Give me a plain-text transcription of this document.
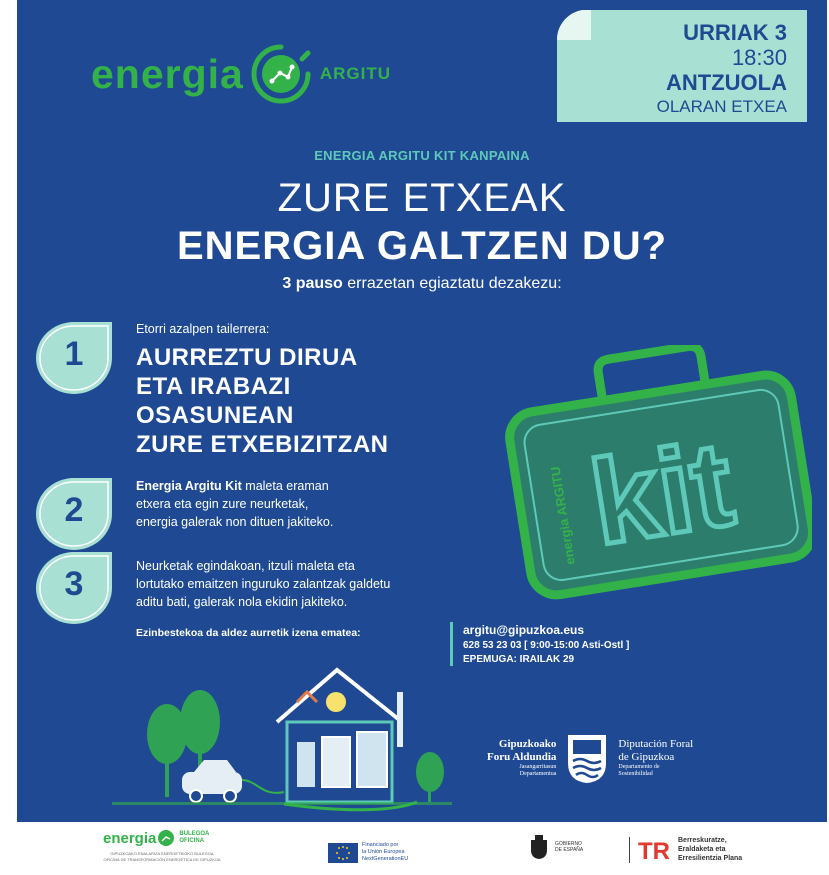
energia	ARGITU
URRIAK 3
18:30
ANTZUOLA
OLARAN ETXEA
ENERGIA ARGITU KIT KANPAINA
ZURE ETXEAK
ENERGIA GALTZEN DU?
3 pauso errazetan egiaztatu dezakezu:
1
Etorri azalpen tailerrera:
AURREZTU DIRUA
ETA IRABAZI
OSASUNEAN
ZURE ETXEBIZITZAN
2
Energia Argitu Kit maleta eraman
etxera eta egin zure neurketak,
energia galerak non dituen jakiteko.
3	Neurketak egindakoan, itzuli maleta eta
lortutako emaitzen inguruko zalantzak galdetu
aditu bati, galerak nola ekidin jakiteko.
energia ARGITU kit
Ezinbestekoa da aldez aurretik izena ematea:	argitu@gipuzkoa.eus
628 53 23 03 [ 9:00-15:00 Asti-Ostl ]
EPEMUGA: IRAILAK 29
Gipuzkoako
Foru Aldundia
Jasangarritasun
Departamentua
Diputación Foral
de Gipuzkoa
Departamento de
Sostenibilidad
energia	BULEGOA
OFICINA
GIPUZKOAKO ENALARIZA ENERGETIKOKO BULEGOA
OFICINA DE TRANSFORMACIÓN ENERGÉTICA DE GIPUZKOA
Financiado por
la Unión Europea
NextGenerationEU
GOBIERNO
DE ESPAÑA TR Berreskuratze,
Eraldaketa eta
Erresilientzia Plana
